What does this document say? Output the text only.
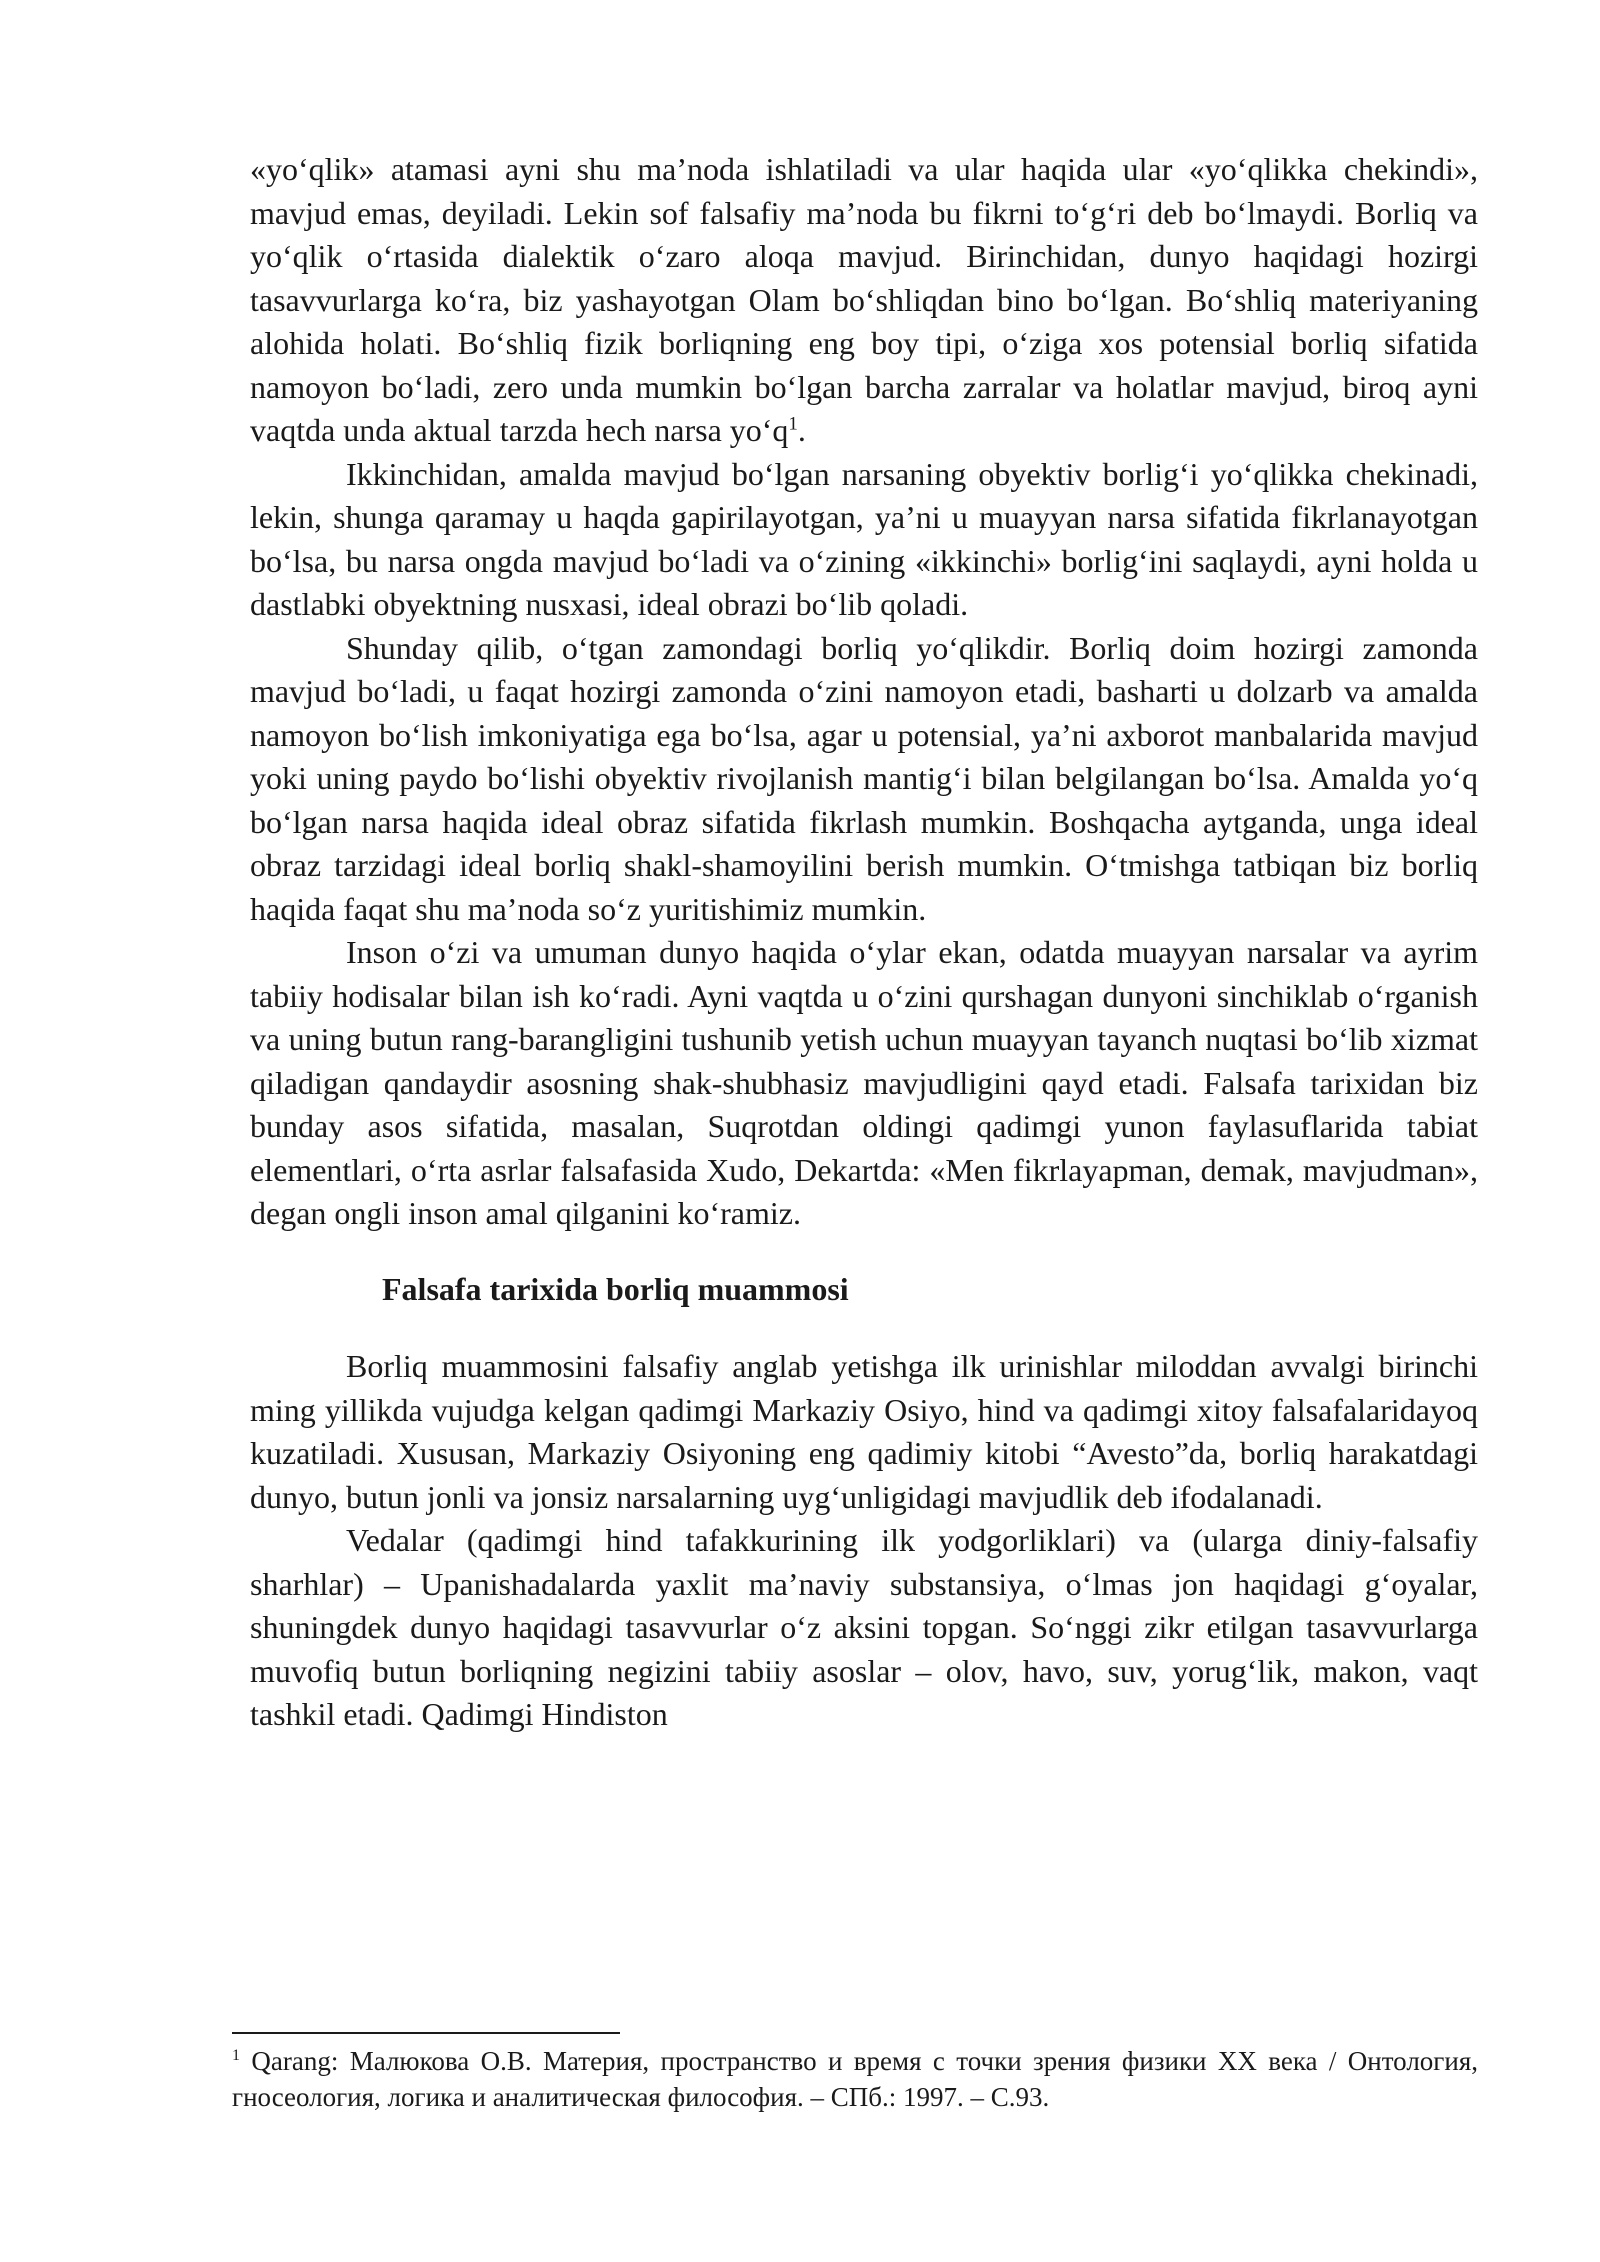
«yo‘qlik» atamasi ayni shu ma’noda ishlatiladi va ular haqida ular «yo‘qlikka chekindi», mavjud emas, deyiladi. Lekin sof falsafiy ma’noda bu fikrni to‘g‘ri deb bo‘lmaydi. Borliq va yo‘qlik o‘rtasida dialektik o‘zaro aloqa mavjud. Birinchidan, dunyo haqidagi hozirgi tasavvurlarga ko‘ra, biz yashayotgan Olam bo‘shliqdan bino bo‘lgan. Bo‘shliq materiyaning alohida holati. Bo‘shliq fizik borliqning eng boy tipi, o‘ziga xos potensial borliq sifatida namoyon bo‘ladi, zero unda mumkin bo‘lgan barcha zarralar va holatlar mavjud, biroq ayni vaqtda unda aktual tarzda hech narsa $yo‘q^1$.

Ikkinchidan, amalda mavjud bo‘lgan narsaning obyektiv borlig‘i yo‘qlikka chekinadi, lekin, shunga qaramay u haqda gapirilayotgan, ya’ni u muayyan narsa sifatida fikrlanayotgan bo‘lsa, bu narsa ongda mavjud bo‘ladi va o‘zining «ikkinchi» borlig‘ini saqlaydi, ayni holda u dastlabki obyektning nusxasi, ideal obrazi bo‘lib qoladi.

Shunday qilib, o‘tgan zamondagi borliq yo‘qlikdir. Borliq doim hozirgi zamonda mavjud bo‘ladi, u faqat hozirgi zamonda o‘zini namoyon etadi, basharti u dolzarb va amalda namoyon bo‘lish imkoniyatiga ega bo‘lsa, agar u potensial, ya’ni axborot manbalarida mavjud yoki uning paydo bo‘lishi obyektiv rivojlanish mantig‘i bilan belgilangan bo‘lsa. Amalda yo‘q bo‘lgan narsa haqida ideal obraz sifatida fikrlash mumkin. Boshqacha aytganda, unga ideal obraz tarzidagi ideal borliq shakl-shamoyilini berish mumkin. O‘tmishga tatbiqan biz borliq haqida faqat shu ma’noda so‘z yuritishimiz mumkin.

Inson o‘zi va umuman dunyo haqida o‘ylar ekan, odatda muayyan narsalar va ayrim tabiiy hodisalar bilan ish ko‘radi. Ayni vaqtda u o‘zini qurshagan dunyoni sinchiklab o‘rganish va uning butun rang-barangligini tushunib yetish uchun muayyan tayanch nuqtasi bo‘lib xizmat qiladigan qandaydir asosning shak-shubhasiz mavjudligini qayd etadi. Falsafa tarixidan biz bunday asos sifatida, masalan, Suqrotdan oldingi qadimgi yunon faylasuflarida tabiat elementlari, o‘rta asrlar falsafasida Xudo, Dekartda: «Men fikrlayapman, demak, mavjudman», degan ongli inson amal qilganini ko‘ramiz.

Falsafa tarixida borliq muammosi

Borliq muammosini falsafiy anglab yetishga ilk urinishlar miloddan avvalgi birinchi ming yillikda vujudga kelgan qadimgi Markaziy Osiyo, hind va qadimgi xitoy falsafalaridayoq kuzatiladi. Xususan, Markaziy Osiyoning eng qadimiy kitobi “Avesto”da, borliq harakatdagi dunyo, butun jonli va jonsiz narsalarning uyg‘unligidagi mavjudlik deb ifodalanadi.

Vedalar (qadimgi hind tafakkurining ilk yodgorliklari) va (ularga diniy-falsafiy sharhlar) – Upanishadalarda yaxlit ma’naviy substansiya, o‘lmas jon haqidagi g‘oyalar, shuningdek dunyo haqidagi tasavvurlar o‘z aksini topgan. So‘nggi zikr etilgan tasavvurlarga muvofiq butun borliqning negizini tabiiy asoslar – olov, havo, suv, yorug‘lik, makon, vaqt tashkil etadi. Qadimgi Hindiston

$^1$ Qarang: Малюкова О.В. Материя, пространство и время с точки зрения физики XX века / Онтология, гносеология, логика и аналитическая философия. – СПб.: 1997. – С.93.
